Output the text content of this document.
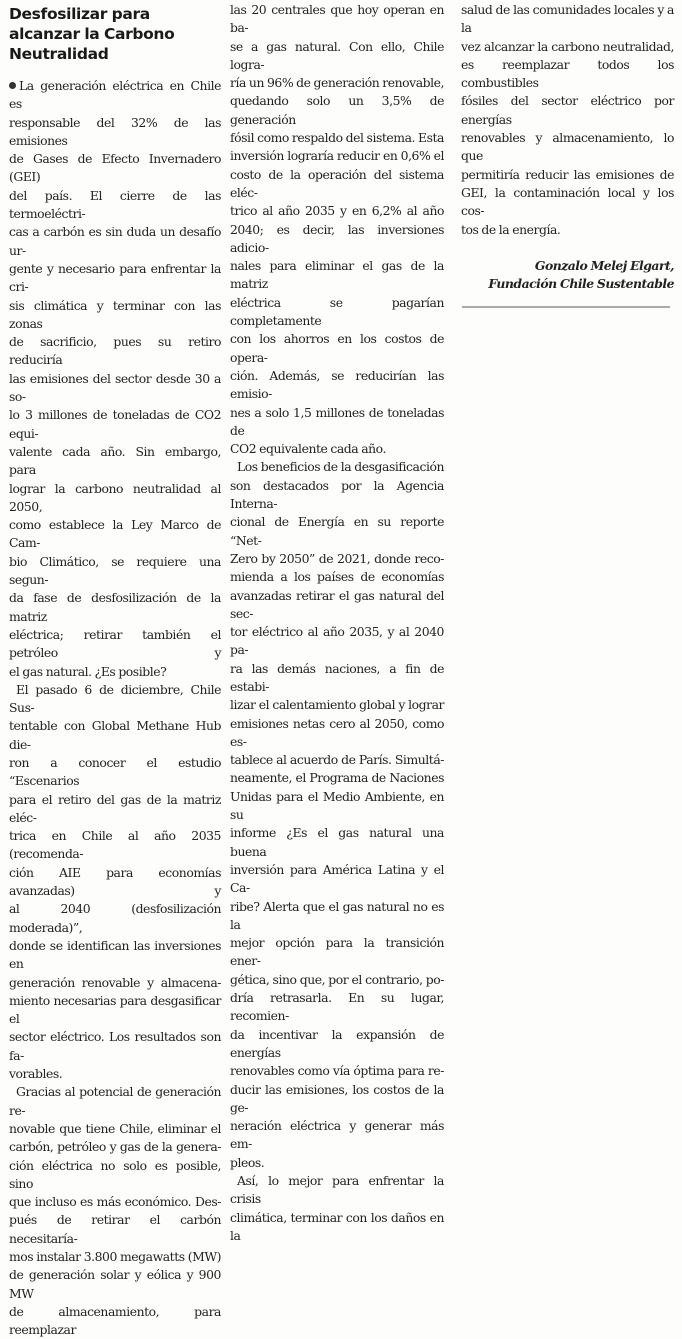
Desfosilizar para alcanzar la Carbono Neutralidad

La generación eléctrica en Chile es
responsable del 32% de las emisiones
de Gases de Efecto Invernadero (GEI)
del país. El cierre de las termoeléctri-
cas a carbón es sin duda un desafío ur-
gente y necesario para enfrentar la cri-
sis climática y terminar con las zonas
de sacrificio, pues su retiro reduciría
las emisiones del sector desde 30 a so-
lo 3 millones de toneladas de CO2 equi-
valente cada año. Sin embargo, para
lograr la carbono neutralidad al 2050,
como establece la Ley Marco de Cam-
bio Climático, se requiere una segun-
da fase de desfosilización de la matriz
eléctrica; retirar también el petróleo y
el gas natural. ¿Es posible?

El pasado 6 de diciembre, Chile Sus-
tentable con Global Methane Hub die-
ron a conocer el estudio “Escenarios
para el retiro del gas de la matriz eléc-
trica en Chile al año 2035 (recomenda-
ción AIE para economías avanzadas) y
al 2040 (desfosilización moderada)”,
donde se identifican las inversiones en
generación renovable y almacena-
miento necesarias para desgasificar el
sector eléctrico. Los resultados son fa-
vorables.

Gracias al potencial de generación re-
novable que tiene Chile, eliminar el
carbón, petróleo y gas de la genera-
ción eléctrica no solo es posible, sino
que incluso es más económico. Des-
pués de retirar el carbón necesitaría-
mos instalar 3.800 megawatts (MW)
de generación solar y eólica y 900 MW
de almacenamiento, para reemplazar

las 20 centrales que hoy operan en ba-
se a gas natural. Con ello, Chile logra-
ría un 96% de generación renovable,
quedando solo un 3,5% de generación
fósil como respaldo del sistema. Esta
inversión lograría reducir en 0,6% el
costo de la operación del sistema eléc-
trico al año 2035 y en 6,2% al año
2040; es decir, las inversiones adicio-
nales para eliminar el gas de la matriz
eléctrica se pagarían completamente
con los ahorros en los costos de opera-
ción. Además, se reducirían las emisio-
nes a solo 1,5 millones de toneladas de
CO2 equivalente cada año.

Los beneficios de la desgasificación
son destacados por la Agencia Interna-
cional de Energía en su reporte “Net-
Zero by 2050” de 2021, donde reco-
mienda a los países de economías
avanzadas retirar el gas natural del sec-
tor eléctrico al año 2035, y al 2040 pa-
ra las demás naciones, a fin de estabi-
lizar el calentamiento global y lograr
emisiones netas cero al 2050, como es-
tablece al acuerdo de París. Simultá-
neamente, el Programa de Naciones
Unidas para el Medio Ambiente, en su
informe ¿Es el gas natural una buena
inversión para América Latina y el Ca-
ribe? Alerta que el gas natural no es la
mejor opción para la transición ener-
gética, sino que, por el contrario, po-
dría retrasarla. En su lugar, recomien-
da incentivar la expansión de energías
renovables como vía óptima para re-
ducir las emisiones, los costos de la ge-
neración eléctrica y generar más em-
pleos.

Así, lo mejor para enfrentar la crisis
climática, terminar con los daños en la

salud de las comunidades locales y a la
vez alcanzar la carbono neutralidad,
es reemplazar todos los combustibles
fósiles del sector eléctrico por energías
renovables y almacenamiento, lo que
permitiría reducir las emisiones de
GEI, la contaminación local y los cos-
tos de la energía.

Gonzalo Melej Elgart,
Fundación Chile Sustentable
